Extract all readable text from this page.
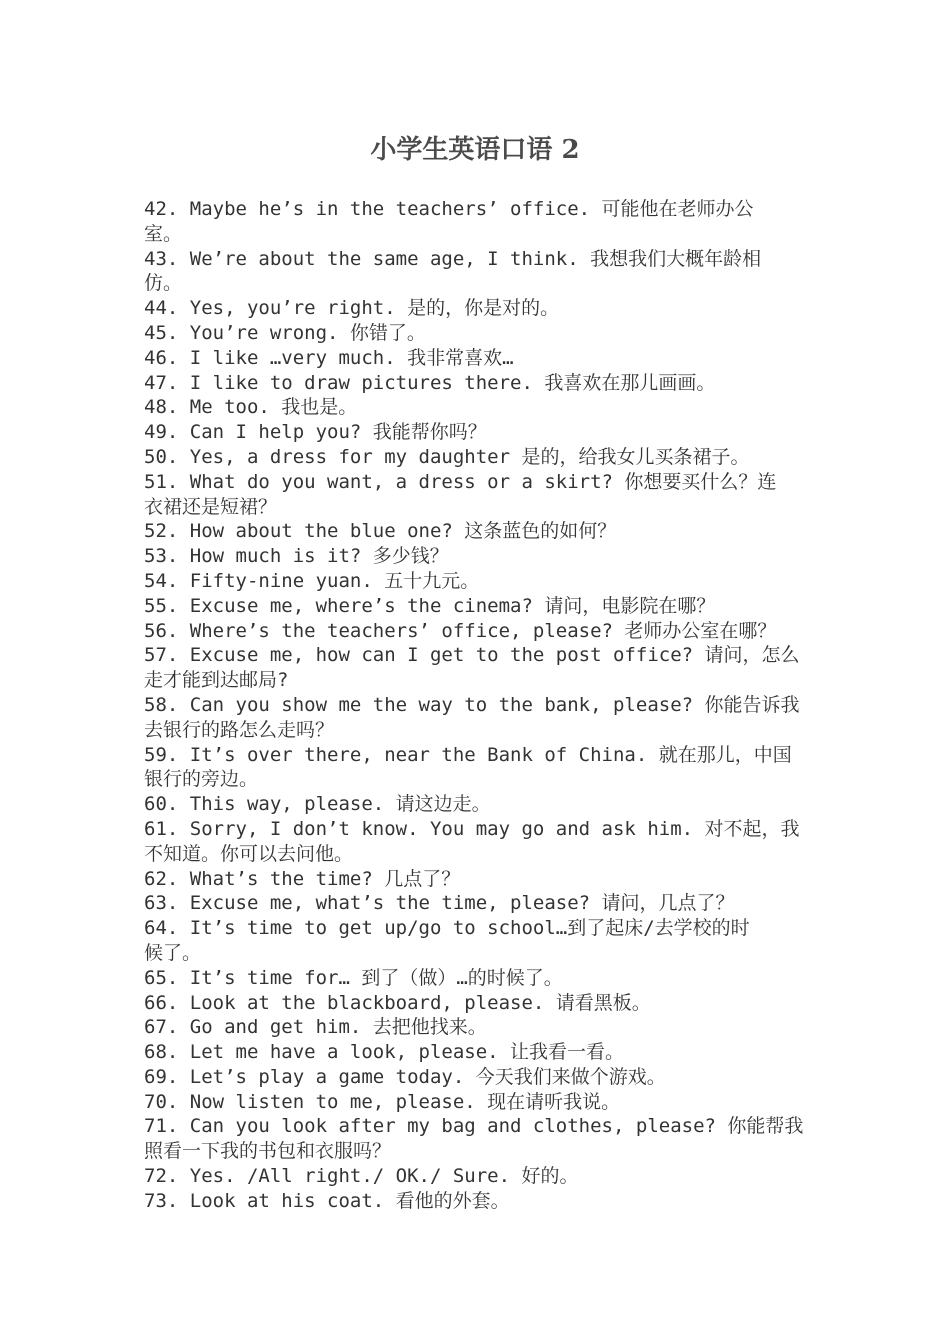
小学生英语口语 2
42. Maybe he’s in the teachers’ office. 可能他在老师办公
室。
43. We’re about the same age, I think. 我想我们大概年龄相
仿。
44. Yes, you’re right. 是的，你是对的。
45. You’re wrong. 你错了。
46. I like …very much. 我非常喜欢…
47. I like to draw pictures there. 我喜欢在那儿画画。
48. Me too. 我也是。
49. Can I help you? 我能帮你吗？
50. Yes, a dress for my daughter 是的，给我女儿买条裙子。
51. What do you want, a dress or a skirt? 你想要买什么？连
衣裙还是短裙？
52. How about the blue one? 这条蓝色的如何？
53. How much is it? 多少钱？
54. Fifty-nine yuan. 五十九元。
55. Excuse me, where’s the cinema? 请问，电影院在哪？
56. Where’s the teachers’ office, please? 老师办公室在哪？
57. Excuse me, how can I get to the post office? 请问，怎么
走才能到达邮局?
58. Can you show me the way to the bank, please? 你能告诉我
去银行的路怎么走吗？
59. It’s over there, near the Bank of China. 就在那儿，中国
银行的旁边。
60. This way, please. 请这边走。
61. Sorry, I don’t know. You may go and ask him. 对不起，我
不知道。你可以去问他。
62. What’s the time? 几点了？
63. Excuse me, what’s the time, please? 请问，几点了？
64. It’s time to get up/go to school…到了起床/去学校的时
候了。
65. It’s time for… 到了（做）…的时候了。
66. Look at the blackboard, please. 请看黑板。
67. Go and get him. 去把他找来。
68. Let me have a look, please. 让我看一看。
69. Let’s play a game today. 今天我们来做个游戏。
70. Now listen to me, please. 现在请听我说。
71. Can you look after my bag and clothes, please? 你能帮我
照看一下我的书包和衣服吗？
72. Yes. /All right./ OK./ Sure. 好的。
73. Look at his coat. 看他的外套。
